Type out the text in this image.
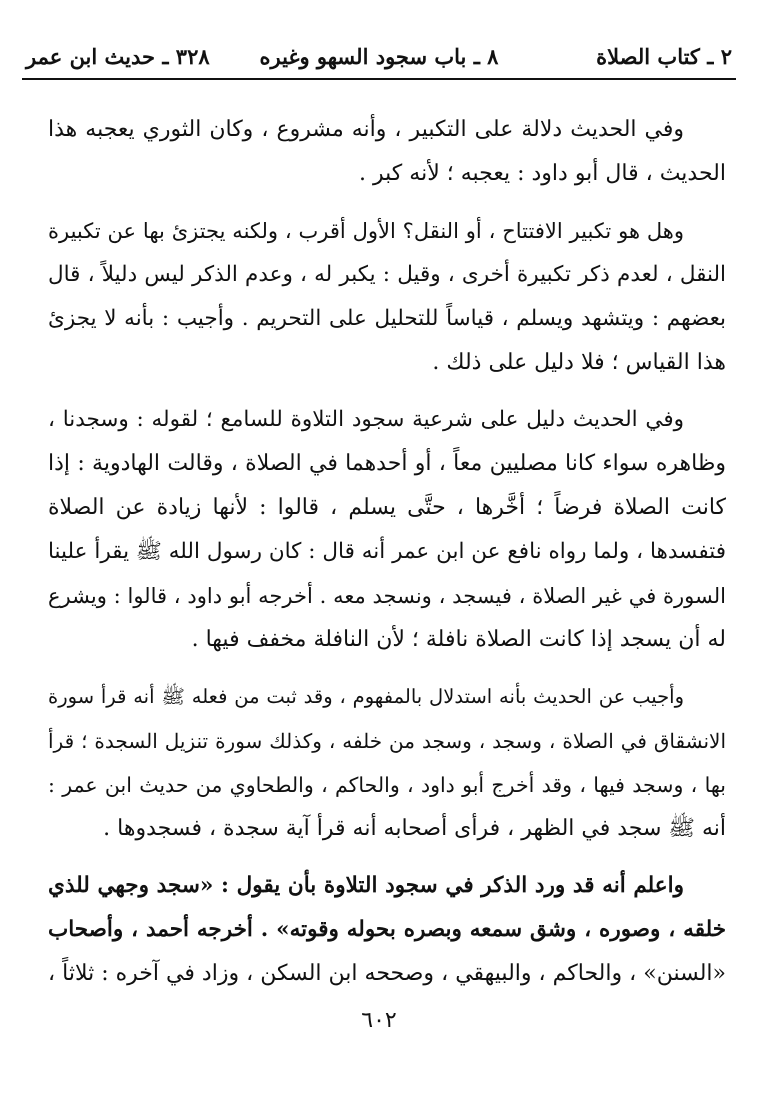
٢ ـ كتاب الصلاة
٨ ـ باب سجود السهو وغيره
٣٢٨ ـ حديث ابن عمر
وفي الحديث دلالة على التكبير ، وأنه مشروع ، وكان الثوري يعجبه هذا
الحديث ، قال أبو داود : يعجبه ؛ لأنه كبر .
وهل هو تكبير الافتتاح ، أو النقل؟ الأول أقرب ، ولكنه يجتزئ بها عن تكبيرة
النقل ، لعدم ذكر تكبيرة أخرى ، وقيل : يكبر له ، وعدم الذكر ليس دليلاً ، قال
بعضهم : ويتشهد ويسلم ، قياساً للتحليل على التحريم . وأجيب : بأنه لا يجزئ
هذا القياس ؛ فلا دليل على ذلك .
وفي الحديث دليل على شرعية سجود التلاوة للسامع ؛ لقوله : وسجدنا ،
وظاهره سواء كانا مصليين معاً ، أو أحدهما في الصلاة ، وقالت الهادوية : إذا
كانت الصلاة فرضاً ؛ أخَّرها ، حتَّى يسلم ، قالوا : لأنها زيادة عن الصلاة
فتفسدها ، ولما رواه نافع عن ابن عمر أنه قال : كان رسول الله ﷺ يقرأ علينا
السورة في غير الصلاة ، فيسجد ، ونسجد معه . أخرجه أبو داود ، قالوا : ويشرع
له أن يسجد إذا كانت الصلاة نافلة ؛ لأن النافلة مخفف فيها .
وأجيب عن الحديث بأنه استدلال بالمفهوم ، وقد ثبت من فعله ﷺ أنه قرأ سورة
الانشقاق في الصلاة ، وسجد ، وسجد من خلفه ، وكذلك سورة تنزيل السجدة ؛ قرأ
بها ، وسجد فيها ، وقد أخرج أبو داود ، والحاكم ، والطحاوي من حديث ابن عمر :
أنه ﷺ سجد في الظهر ، فرأى أصحابه أنه قرأ آية سجدة ، فسجدوها .
واعلم أنه قد ورد الذكر في سجود التلاوة بأن يقول : «سجد وجهي للذي
خلقه ، وصوره ، وشق سمعه وبصره بحوله وقوته» . أخرجه أحمد ، وأصحاب
«السنن» ، والحاكم ، والبيهقي ، وصححه ابن السكن ، وزاد في آخره : ثلاثاً ،
٦٠٢
